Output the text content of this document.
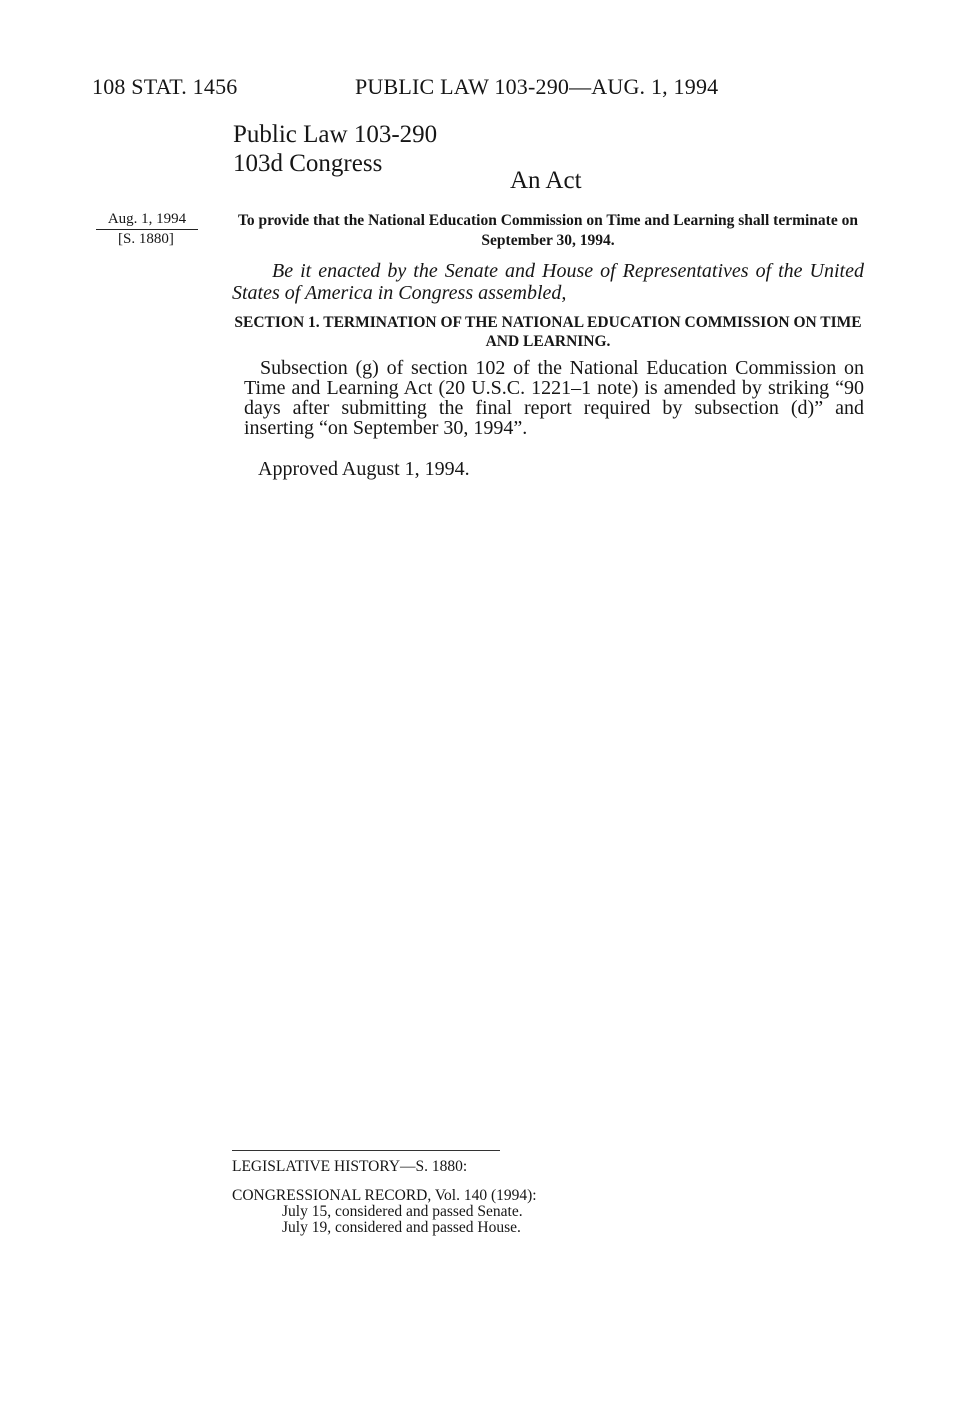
108 STAT. 1456	PUBLIC LAW 103-290—AUG. 1, 1994
Public Law 103-290
103d Congress
An Act
Aug. 1, 1994
[S. 1880]
To provide that the National Education Commission on Time and Learning shall terminate on September 30, 1994.
Be it enacted by the Senate and House of Representatives of the United States of America in Congress assembled,
SECTION 1. TERMINATION OF THE NATIONAL EDUCATION COMMISSION ON TIME AND LEARNING.
Subsection (g) of section 102 of the National Education Commission on Time and Learning Act (20 U.S.C. 1221–1 note) is amended by striking “90 days after submitting the final report required by subsection (d)” and inserting “on September 30, 1994”.
Approved August 1, 1994.
LEGISLATIVE HISTORY—S. 1880:
CONGRESSIONAL RECORD, Vol. 140 (1994):
July 15, considered and passed Senate.
July 19, considered and passed House.
